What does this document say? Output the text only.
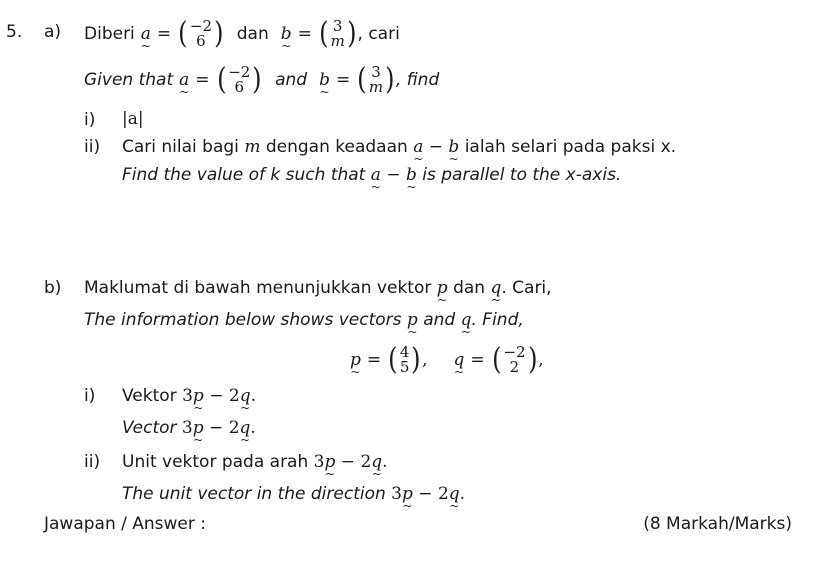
5. a) Diberi a ~ = ( −2
6 ) dan b ~ = ( 3
m ) , cari
Given that a ~ = ( −2
6 ) and b ~ = ( 3
m ) , find
i) |a|
ii) Cari nilai bagi m dengan keadaan a ~ − b ~ ialah selari pada paksi x.
Find the value of k such that a ~ − b ~ is parallel to the x-axis.
b) Maklumat di bawah menunjukkan vektor p ~ dan q ~. Cari,
The information below shows vectors p ~ and q ~. Find,
p ~ = ( 4
5 ) , q ~ = ( −2
2 ) ,
i) Vektor 3p ~ − 2q ~.
Vector 3p ~ − 2q ~.
ii) Unit vektor pada arah 3p ~ − 2q ~.
The unit vector in the direction 3p ~ − 2q ~.
Jawapan / Answer :	(8 Markah/Marks)
